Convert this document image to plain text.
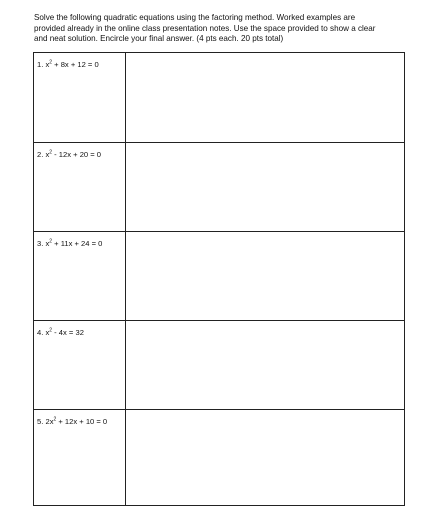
Solve the following quadratic equations using the factoring method. Worked examples are
provided already in the online class presentation notes. Use the space provided to show a clear
and neat solution. Encircle your final answer. (4 pts each. 20 pts total)
1. $x^2 + 8x + 12 = 0$
2. $x^2 - 12x + 20 = 0$
3. $x^2 + 11x + 24 = 0$
4. $x^2 - 4x = 32$
5. $2x^2 + 12x + 10 = 0$
